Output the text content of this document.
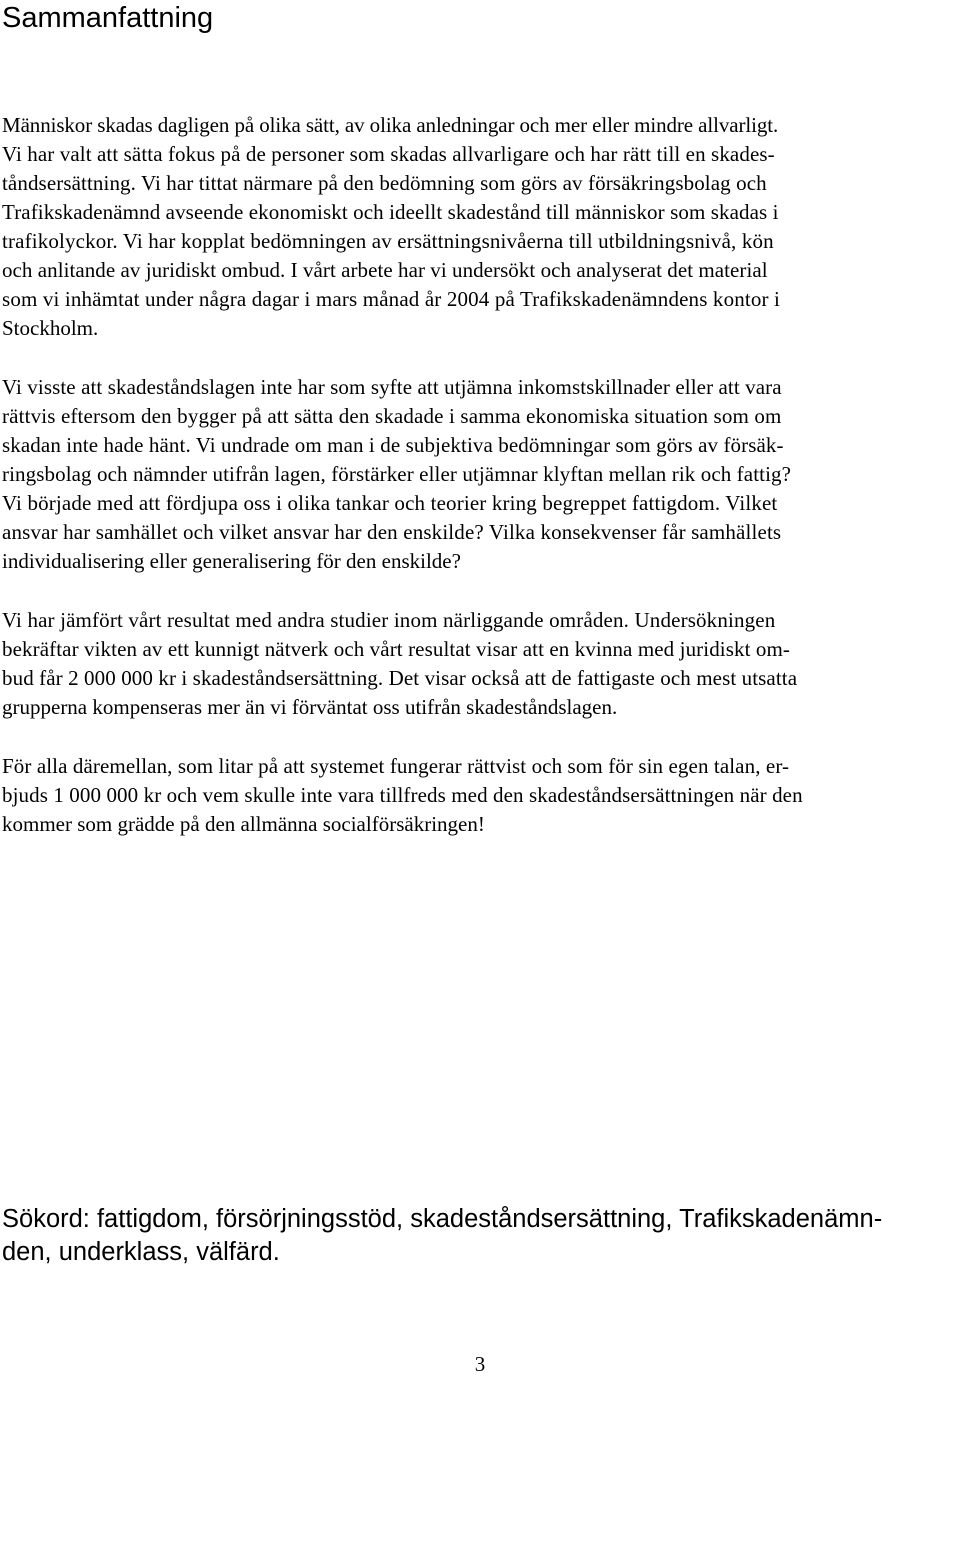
Sammanfattning

Människor skadas dagligen på olika sätt, av olika anledningar och mer eller mindre allvarligt.

Vi har valt att sätta fokus på de personer som skadas allvarligare och har rätt till en skades-

tåndsersättning. Vi har tittat närmare på den bedömning som görs av försäkringsbolag och

Trafikskadenämnd avseende ekonomiskt och ideellt skadestånd till människor som skadas i

trafikolyckor. Vi har kopplat bedömningen av ersättningsnivåerna till utbildningsnivå, kön

och anlitande av juridiskt ombud. I vårt arbete har vi undersökt och analyserat det material

som vi inhämtat under några dagar i mars månad år 2004 på Trafikskadenämndens kontor i

Stockholm.

Vi visste att skadeståndslagen inte har som syfte att utjämna inkomstskillnader eller att vara

rättvis eftersom den bygger på att sätta den skadade i samma ekonomiska situation som om

skadan inte hade hänt. Vi undrade om man i de subjektiva bedömningar som görs av försäk-

ringsbolag och nämnder utifrån lagen, förstärker eller utjämnar klyftan mellan rik och fattig?

Vi började med att fördjupa oss i olika tankar och teorier kring begreppet fattigdom. Vilket

ansvar har samhället och vilket ansvar har den enskilde? Vilka konsekvenser får samhällets

individualisering eller generalisering för den enskilde?

Vi har jämfört vårt resultat med andra studier inom närliggande områden. Undersökningen

bekräftar vikten av ett kunnigt nätverk och vårt resultat visar att en kvinna med juridiskt om-

bud får 2 000 000 kr i skadeståndsersättning. Det visar också att de fattigaste och mest utsatta

grupperna kompenseras mer än vi förväntat oss utifrån skadeståndslagen.

För alla däremellan, som litar på att systemet fungerar rättvist och som för sin egen talan, er-

bjuds 1 000 000 kr och vem skulle inte vara tillfreds med den skadeståndsersättningen när den

kommer som grädde på den allmänna socialförsäkringen!

Sökord: fattigdom, försörjningsstöd, skadeståndsersättning, Trafikskadenämn-

den, underklass, välfärd.

3
